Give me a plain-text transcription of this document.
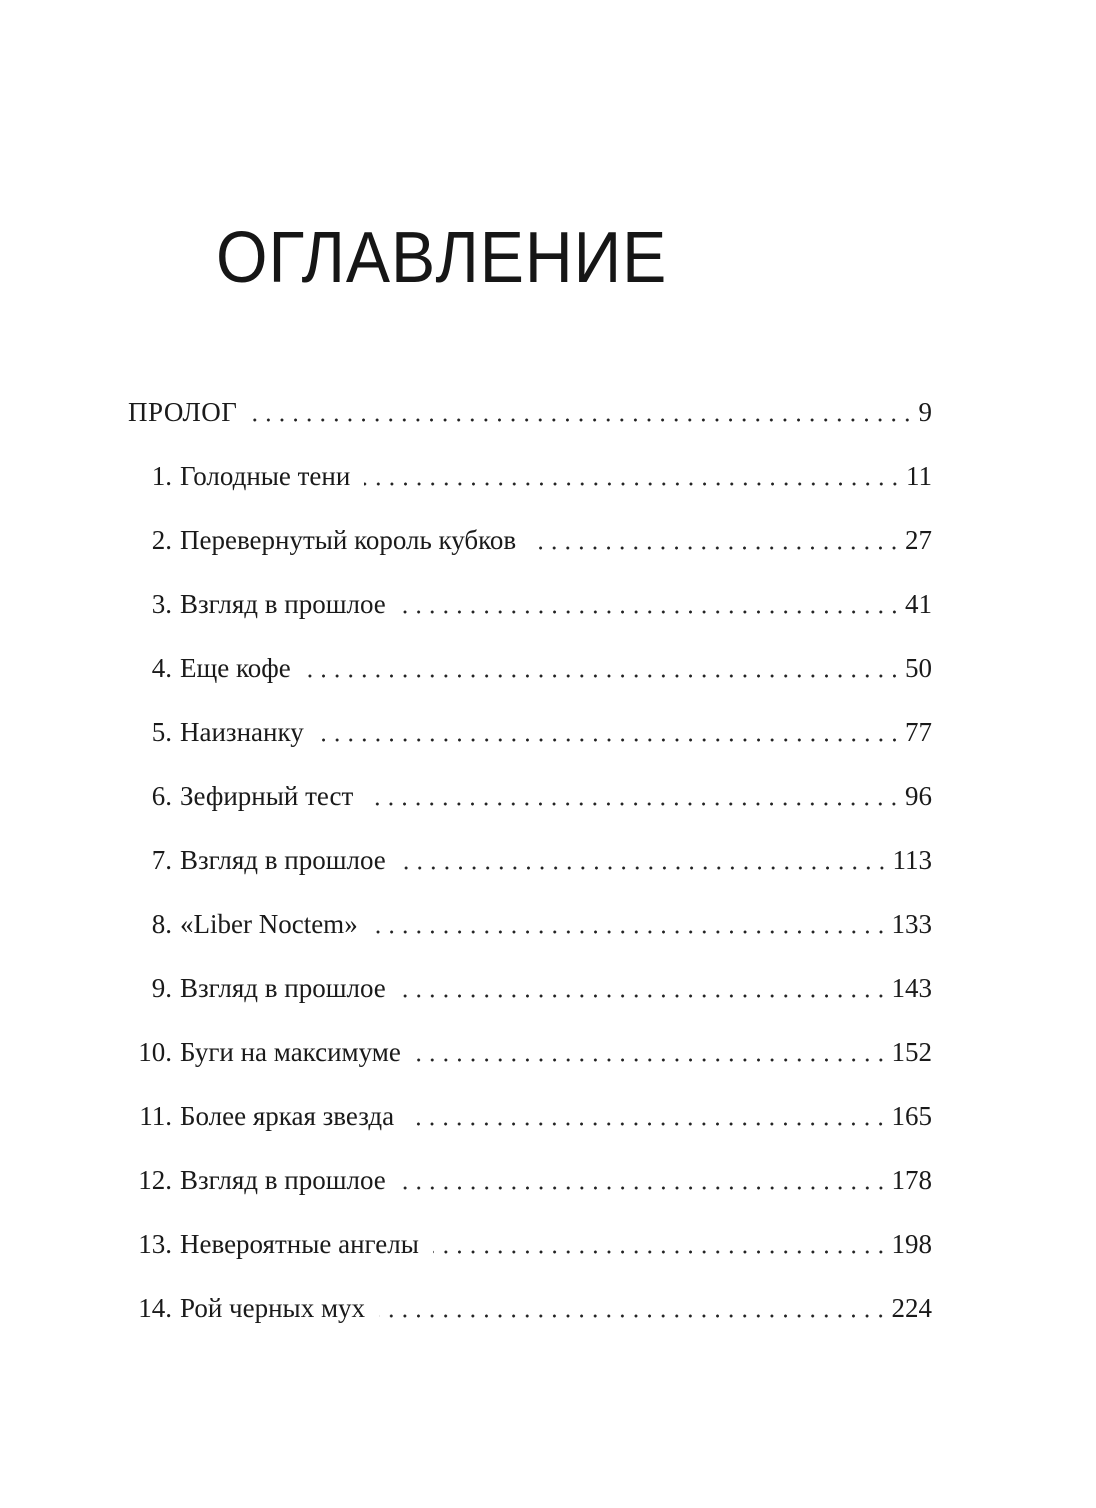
ОГЛАВЛЕНИЕ
ПРОЛОГ	9
1. Голодные тени	11
2. Перевернутый король кубков	27
3. Взгляд в прошлое	41
4. Еще кофе	50
5. Наизнанку	77
6. Зефирный тест	96
7. Взгляд в прошлое	113
8. «Liber Noctem»	133
9. Взгляд в прошлое	143
10. Буги на максимуме	152
11. Более яркая звезда	165
12. Взгляд в прошлое	178
13. Невероятные ангелы	198
14. Рой черных мух	224
